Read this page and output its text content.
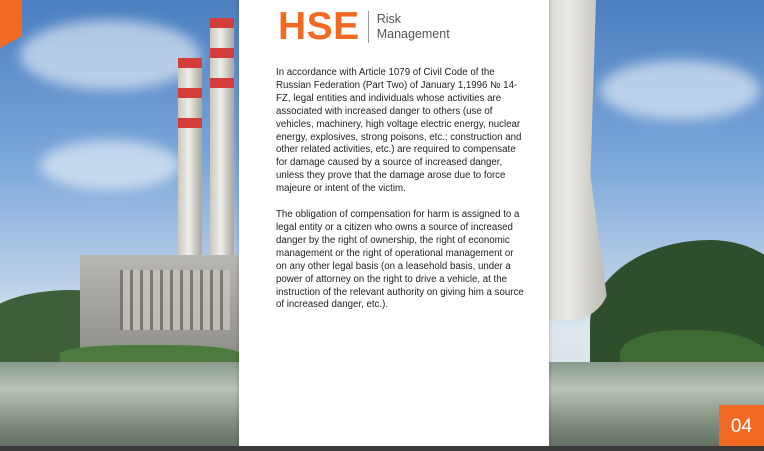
HSE Risk Management

In accordance with Article 1079 of Civil Code of the Russian Federation (Part Two) of January 1,1996 № 14-FZ, legal entities and individuals whose activities are associated with increased danger to others (use of vehicles, machinery, high voltage electric energy, nuclear energy, explosives, strong poisons, etc.; construction and other related activities, etc.) are required to compensate for damage caused by a source of increased danger, unless they prove that the damage arose due to force majeure or intent of the victim.

The obligation of compensation for harm is assigned to a legal entity or a citizen who owns a source of increased danger by the right of ownership, the right of economic management or the right of operational management or on any other legal basis (on a leasehold basis, under a power of attorney on the right to drive a vehicle, at the instruction of the relevant authority on giving him a source of increased danger, etc.).

04
